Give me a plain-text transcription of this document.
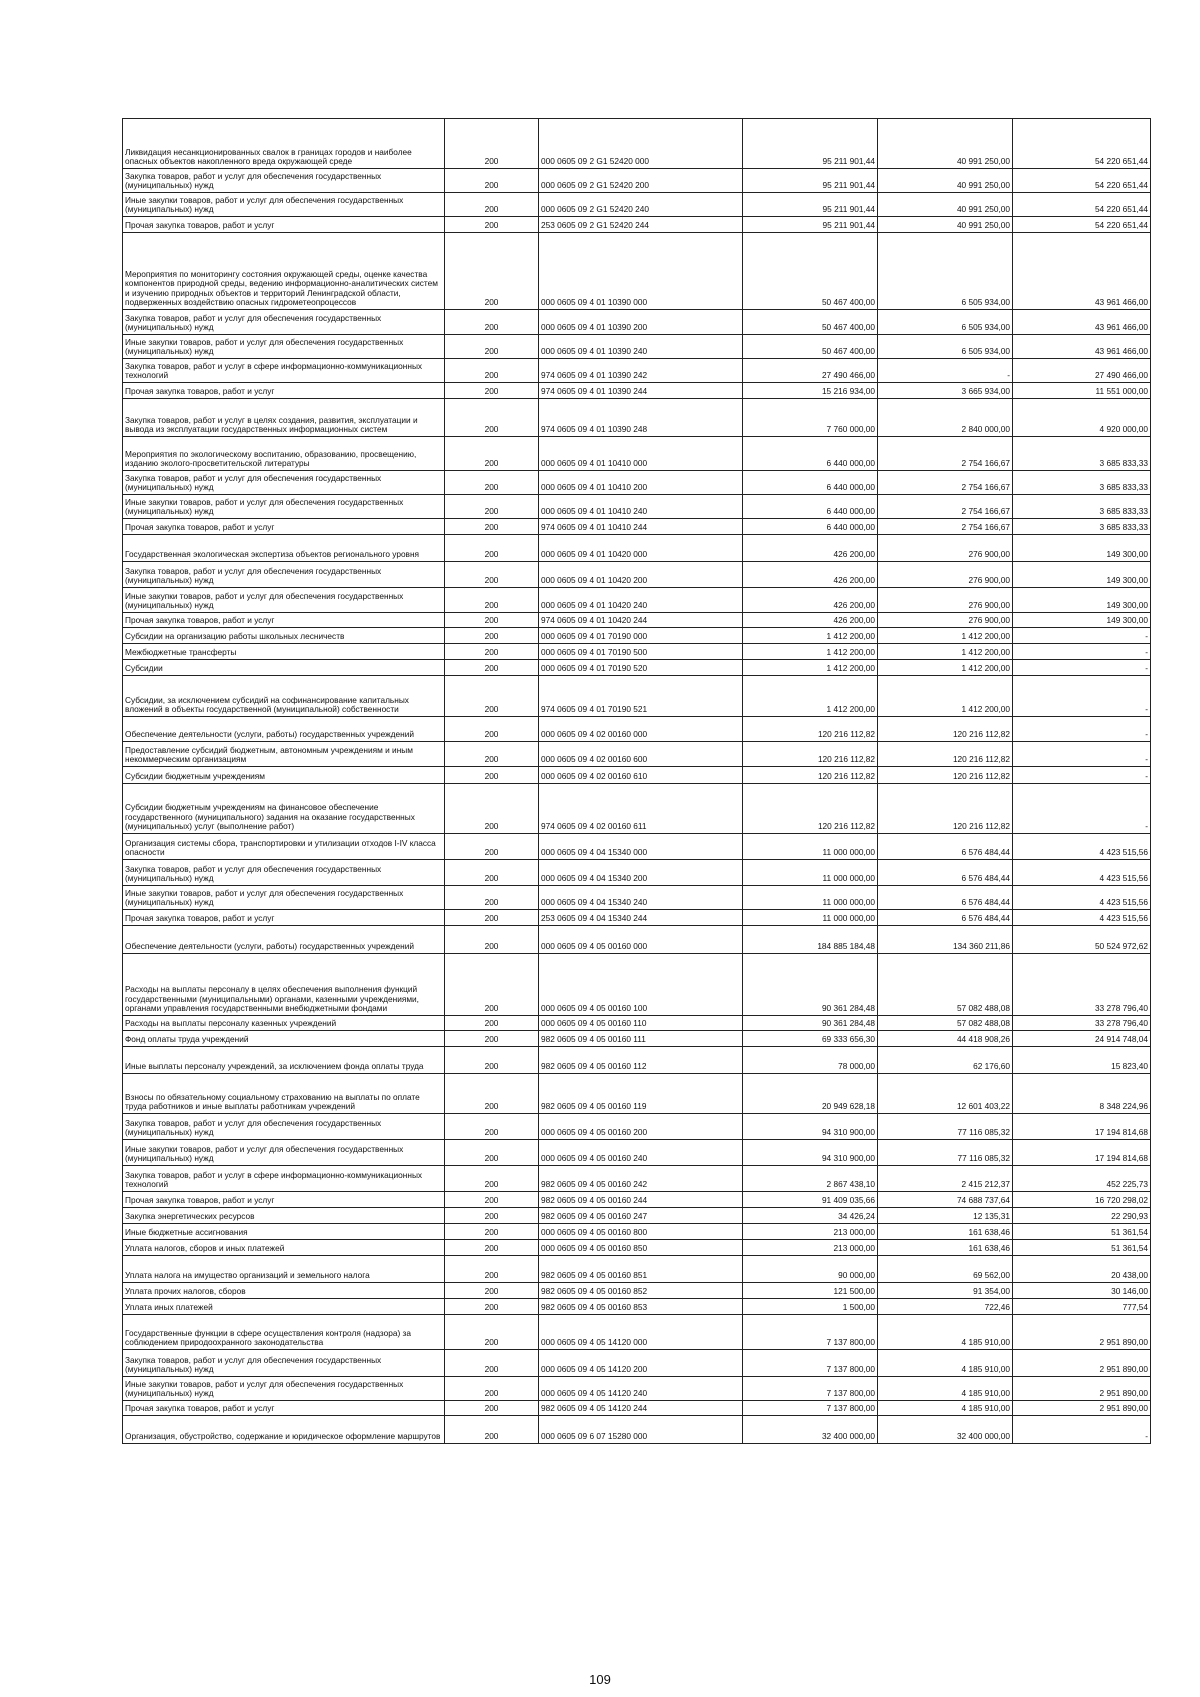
Ликвидация несанкционированных свалок в границах городов и наиболее опасных объектов накопленного вреда окружающей среде	200	000 0605 09 2 G1 52420 000	95 211 901,44	40 991 250,00	54 220 651,44
Закупка товаров, работ и услуг для обеспечения государственных (муниципальных) нужд	200	000 0605 09 2 G1 52420 200	95 211 901,44	40 991 250,00	54 220 651,44
Иные закупки товаров, работ и услуг для обеспечения государственных (муниципальных) нужд	200	000 0605 09 2 G1 52420 240	95 211 901,44	40 991 250,00	54 220 651,44
Прочая закупка товаров, работ и услуг	200	253 0605 09 2 G1 52420 244	95 211 901,44	40 991 250,00	54 220 651,44
Мероприятия по мониторингу состояния окружающей среды, оценке качества компонентов природной среды, ведению информационно-аналитических систем и изучению природных объектов и территорий Ленинградской области, подверженных воздействию опасных гидрометеопроцессов	200	000 0605 09 4 01 10390 000	50 467 400,00	6 505 934,00	43 961 466,00
Закупка товаров, работ и услуг для обеспечения государственных (муниципальных) нужд	200	000 0605 09 4 01 10390 200	50 467 400,00	6 505 934,00	43 961 466,00
Иные закупки товаров, работ и услуг для обеспечения государственных (муниципальных) нужд	200	000 0605 09 4 01 10390 240	50 467 400,00	6 505 934,00	43 961 466,00
Закупка товаров, работ и услуг в сфере информационно-коммуникационных технологий	200	974 0605 09 4 01 10390 242	27 490 466,00	-	27 490 466,00
Прочая закупка товаров, работ и услуг	200	974 0605 09 4 01 10390 244	15 216 934,00	3 665 934,00	11 551 000,00
Закупка товаров, работ и услуг в целях создания, развития, эксплуатации и вывода из эксплуатации государственных информационных систем	200	974 0605 09 4 01 10390 248	7 760 000,00	2 840 000,00	4 920 000,00
Мероприятия по экологическому воспитанию, образованию, просвещению, изданию эколого-просветительской литературы	200	000 0605 09 4 01 10410 000	6 440 000,00	2 754 166,67	3 685 833,33
Закупка товаров, работ и услуг для обеспечения государственных (муниципальных) нужд	200	000 0605 09 4 01 10410 200	6 440 000,00	2 754 166,67	3 685 833,33
Иные закупки товаров, работ и услуг для обеспечения государственных (муниципальных) нужд	200	000 0605 09 4 01 10410 240	6 440 000,00	2 754 166,67	3 685 833,33
Прочая закупка товаров, работ и услуг	200	974 0605 09 4 01 10410 244	6 440 000,00	2 754 166,67	3 685 833,33
Государственная экологическая экспертиза объектов регионального уровня	200	000 0605 09 4 01 10420 000	426 200,00	276 900,00	149 300,00
Закупка товаров, работ и услуг для обеспечения государственных (муниципальных) нужд	200	000 0605 09 4 01 10420 200	426 200,00	276 900,00	149 300,00
Иные закупки товаров, работ и услуг для обеспечения государственных (муниципальных) нужд	200	000 0605 09 4 01 10420 240	426 200,00	276 900,00	149 300,00
Прочая закупка товаров, работ и услуг	200	974 0605 09 4 01 10420 244	426 200,00	276 900,00	149 300,00
Субсидии на организацию работы школьных лесничеств	200	000 0605 09 4 01 70190 000	1 412 200,00	1 412 200,00	-
Межбюджетные трансферты	200	000 0605 09 4 01 70190 500	1 412 200,00	1 412 200,00	-
Субсидии	200	000 0605 09 4 01 70190 520	1 412 200,00	1 412 200,00	-
Субсидии, за исключением субсидий на софинансирование капитальных вложений в объекты государственной (муниципальной) собственности	200	974 0605 09 4 01 70190 521	1 412 200,00	1 412 200,00	-
Обеспечение деятельности (услуги, работы) государственных учреждений	200	000 0605 09 4 02 00160 000	120 216 112,82	120 216 112,82	-
Предоставление субсидий бюджетным, автономным учреждениям и иным некоммерческим организациям	200	000 0605 09 4 02 00160 600	120 216 112,82	120 216 112,82	-
Субсидии бюджетным учреждениям	200	000 0605 09 4 02 00160 610	120 216 112,82	120 216 112,82	-
Субсидии бюджетным учреждениям на финансовое обеспечение государственного (муниципального) задания на оказание государственных (муниципальных) услуг (выполнение работ)	200	974 0605 09 4 02 00160 611	120 216 112,82	120 216 112,82	-
Организация системы сбора, транспортировки и утилизации отходов I-IV класса опасности	200	000 0605 09 4 04 15340 000	11 000 000,00	6 576 484,44	4 423 515,56
Закупка товаров, работ и услуг для обеспечения государственных (муниципальных) нужд	200	000 0605 09 4 04 15340 200	11 000 000,00	6 576 484,44	4 423 515,56
Иные закупки товаров, работ и услуг для обеспечения государственных (муниципальных) нужд	200	000 0605 09 4 04 15340 240	11 000 000,00	6 576 484,44	4 423 515,56
Прочая закупка товаров, работ и услуг	200	253 0605 09 4 04 15340 244	11 000 000,00	6 576 484,44	4 423 515,56
Обеспечение деятельности (услуги, работы) государственных учреждений	200	000 0605 09 4 05 00160 000	184 885 184,48	134 360 211,86	50 524 972,62
Расходы на выплаты персоналу в целях обеспечения выполнения функций государственными (муниципальными) органами, казенными учреждениями, органами управления государственными внебюджетными фондами	200	000 0605 09 4 05 00160 100	90 361 284,48	57 082 488,08	33 278 796,40
Расходы на выплаты персоналу казенных учреждений	200	000 0605 09 4 05 00160 110	90 361 284,48	57 082 488,08	33 278 796,40
Фонд оплаты труда учреждений	200	982 0605 09 4 05 00160 111	69 333 656,30	44 418 908,26	24 914 748,04
Иные выплаты персоналу учреждений, за исключением фонда оплаты труда	200	982 0605 09 4 05 00160 112	78 000,00	62 176,60	15 823,40
Взносы по обязательному социальному страхованию на выплаты по оплате труда работников и иные выплаты работникам учреждений	200	982 0605 09 4 05 00160 119	20 949 628,18	12 601 403,22	8 348 224,96
Закупка товаров, работ и услуг для обеспечения государственных (муниципальных) нужд	200	000 0605 09 4 05 00160 200	94 310 900,00	77 116 085,32	17 194 814,68
Иные закупки товаров, работ и услуг для обеспечения государственных (муниципальных) нужд	200	000 0605 09 4 05 00160 240	94 310 900,00	77 116 085,32	17 194 814,68
Закупка товаров, работ и услуг в сфере информационно-коммуникационных технологий	200	982 0605 09 4 05 00160 242	2 867 438,10	2 415 212,37	452 225,73
Прочая закупка товаров, работ и услуг	200	982 0605 09 4 05 00160 244	91 409 035,66	74 688 737,64	16 720 298,02
Закупка энергетических ресурсов	200	982 0605 09 4 05 00160 247	34 426,24	12 135,31	22 290,93
Иные бюджетные ассигнования	200	000 0605 09 4 05 00160 800	213 000,00	161 638,46	51 361,54
Уплата налогов, сборов и иных платежей	200	000 0605 09 4 05 00160 850	213 000,00	161 638,46	51 361,54
Уплата налога на имущество организаций и земельного налога	200	982 0605 09 4 05 00160 851	90 000,00	69 562,00	20 438,00
Уплата прочих налогов, сборов	200	982 0605 09 4 05 00160 852	121 500,00	91 354,00	30 146,00
Уплата иных платежей	200	982 0605 09 4 05 00160 853	1 500,00	722,46	777,54
Государственные функции в сфере осуществления контроля (надзора) за соблюдением природоохранного законодательства	200	000 0605 09 4 05 14120 000	7 137 800,00	4 185 910,00	2 951 890,00
Закупка товаров, работ и услуг для обеспечения государственных (муниципальных) нужд	200	000 0605 09 4 05 14120 200	7 137 800,00	4 185 910,00	2 951 890,00
Иные закупки товаров, работ и услуг для обеспечения государственных (муниципальных) нужд	200	000 0605 09 4 05 14120 240	7 137 800,00	4 185 910,00	2 951 890,00
Прочая закупка товаров, работ и услуг	200	982 0605 09 4 05 14120 244	7 137 800,00	4 185 910,00	2 951 890,00
Организация, обустройство, содержание и юридическое оформление маршрутов	200	000 0605 09 6 07 15280 000	32 400 000,00	32 400 000,00	-
109
